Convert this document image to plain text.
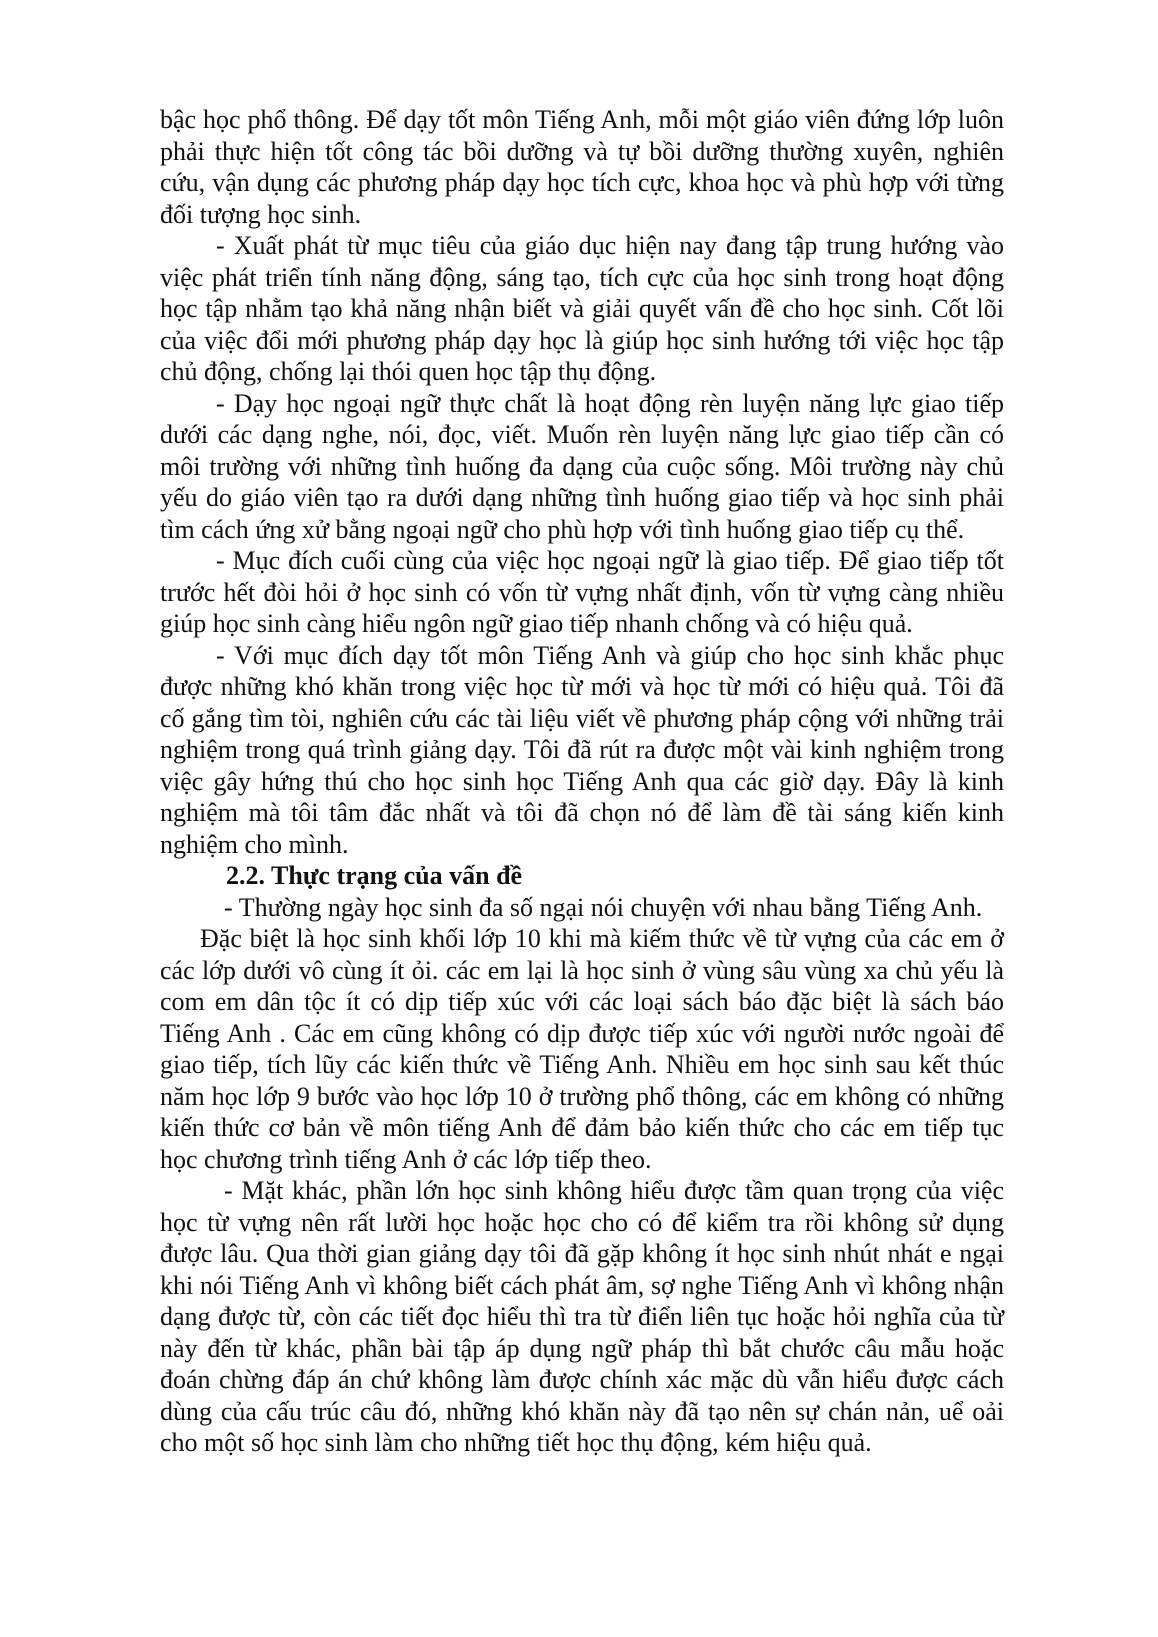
bậc học phổ thông. Để dạy tốt môn Tiếng Anh, mỗi một giáo viên đứng lớp luôn phải thực hiện tốt công tác bồi dưỡng và tự bồi dưỡng thường xuyên, nghiên cứu, vận dụng các phương pháp dạy học tích cực, khoa học và phù hợp với từng đối tượng học sinh.

- Xuất phát từ mục tiêu của giáo dục hiện nay đang tập trung hướng vào việc phát triển tính năng động, sáng tạo, tích cực của học sinh trong hoạt động học tập nhằm tạo khả năng nhận biết và giải quyết vấn đề cho học sinh. Cốt lõi của việc đổi mới phương pháp dạy học là giúp học sinh hướng tới việc học tập chủ động, chống lại thói quen học tập thụ động.

- Dạy học ngoại ngữ thực chất là hoạt động rèn luyện năng lực giao tiếp dưới các dạng nghe, nói, đọc, viết. Muốn rèn luyện năng lực giao tiếp cần có môi trường với những tình huống đa dạng của cuộc sống. Môi trường này chủ yếu do giáo viên tạo ra dưới dạng những tình huống giao tiếp và học sinh phải tìm cách ứng xử bằng ngoại ngữ cho phù hợp với tình huống giao tiếp cụ thể.

- Mục đích cuối cùng của việc học ngoại ngữ là giao tiếp. Để giao tiếp tốt trước hết đòi hỏi ở học sinh có vốn từ vựng nhất định, vốn từ vựng càng nhiều giúp học sinh càng hiểu ngôn ngữ giao tiếp nhanh chống và có hiệu quả.

- Với mục đích dạy tốt môn Tiếng Anh và giúp cho học sinh khắc phục được những khó khăn trong việc học từ mới và học từ mới có hiệu quả. Tôi đã cố gắng tìm tòi, nghiên cứu các tài liệu viết về phương pháp cộng với những trải nghiệm trong quá trình giảng dạy. Tôi đã rút ra được một vài kinh nghiệm trong việc gây hứng thú cho học sinh học Tiếng Anh qua các giờ dạy. Đây là kinh nghiệm mà tôi tâm đắc nhất và tôi đã chọn nó để làm đề tài sáng kiến kinh nghiệm cho mình.

2.2. Thực trạng của vấn đề

- Thường ngày học sinh đa số ngại nói chuyện với nhau bằng Tiếng Anh.

Đặc biệt là học sinh khối lớp 10 khi mà kiếm thức về từ vựng của các em ở các lớp dưới vô cùng ít ỏi. các em lại là học sinh ở vùng sâu vùng xa chủ yếu là com em dân tộc ít có dịp tiếp xúc với các loại sách báo đặc biệt là sách báo Tiếng Anh . Các em cũng không có dịp được tiếp xúc với người nước ngoài để giao tiếp, tích lũy các kiến thức về Tiếng Anh. Nhiều em học sinh sau kết thúc năm học lớp 9 bước vào học lớp 10 ở trường phổ thông, các em không có những kiến thức cơ bản về môn tiếng Anh để đảm bảo kiến thức cho các em tiếp tục học chương trình tiếng Anh ở các lớp tiếp theo.

- Mặt khác, phần lớn học sinh không hiểu được tầm quan trọng của việc học từ vựng nên rất lười học hoặc học cho có để kiểm tra rồi không sử dụng được lâu. Qua thời gian giảng dạy tôi đã gặp không ít học sinh nhút nhát e ngại khi nói Tiếng Anh vì không biết cách phát âm, sợ nghe Tiếng Anh vì không nhận dạng được từ, còn các tiết đọc hiểu thì tra từ điển liên tục hoặc hỏi nghĩa của từ này đến từ khác, phần bài tập áp dụng ngữ pháp thì bắt chước câu mẫu hoặc đoán chừng đáp án chứ không làm được chính xác mặc dù vẫn hiểu được cách dùng của cấu trúc câu đó, những khó khăn này đã tạo nên sự chán nản, uể oải cho một số học sinh làm cho những tiết học thụ động, kém hiệu quả.
